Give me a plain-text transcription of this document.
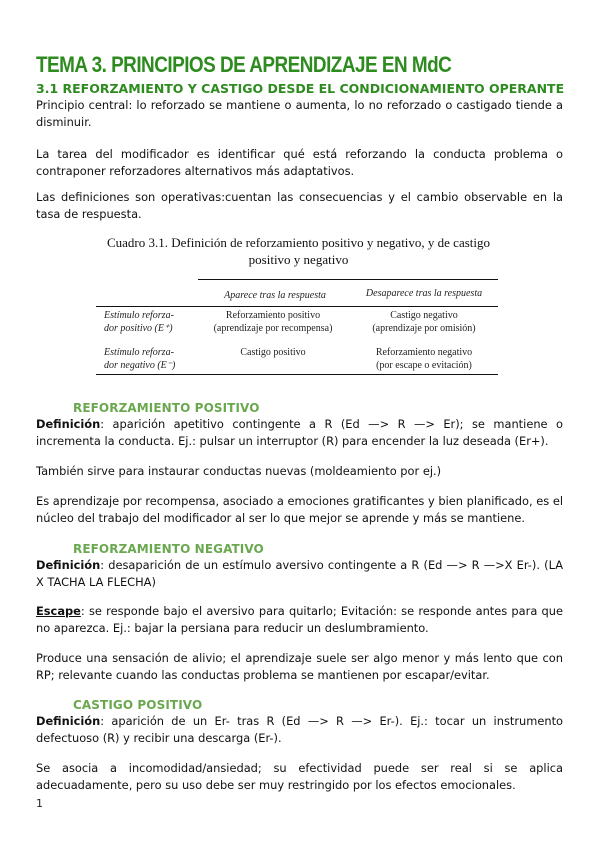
TEMA 3. PRINCIPIOS DE APRENDIZAJE EN MdC
3.1 REFORZAMIENTO Y CASTIGO DESDE EL CONDICIONAMIENTO OPERANTE

Principio central: lo reforzado se mantiene o aumenta, lo no reforzado o castigado tiende a disminuir.

La tarea del modificador es identificar qué está reforzando la conducta problema o contraponer reforzadores alternativos más adaptativos.

Las definiciones son operativas:cuentan las consecuencias y el cambio observable en la tasa de respuesta.

Cuadro 3.1. Definición de reforzamiento positivo y negativo, y de castigo
positivo y negativo
Aparece tras la respuesta	Desaparece tras la respuesta
Estímulo reforza-
dor positivo (E⁺)
Reforzamiento positivo
(aprendizaje por recompensa)
Castigo negativo
(aprendizaje por omisión)
Estímulo reforza-
dor negativo (E⁻)
Castigo positivo	Reforzamiento negativo
(por escape o evitación)
REFORZAMIENTO POSITIVO

Definición: aparición apetitivo contingente a R (Ed —> R —> Er); se mantiene o incrementa la conducta. Ej.: pulsar un interruptor (R) para encender la luz deseada (Er+).

También sirve para instaurar conductas nuevas (moldeamiento por ej.)

Es aprendizaje por recompensa, asociado a emociones gratificantes y bien planificado, es el núcleo del trabajo del modificador al ser lo que mejor se aprende y más se mantiene.

REFORZAMIENTO NEGATIVO

Definición: desaparición de un estímulo aversivo contingente a R (Ed —> R —>X Er-). (LA X TACHA LA FLECHA)

Escape: se responde bajo el aversivo para quitarlo; Evitación: se responde antes para que no aparezca. Ej.: bajar la persiana para reducir un deslumbramiento.

Produce una sensación de alivio; el aprendizaje suele ser algo menor y más lento que con RP; relevante cuando las conductas problema se mantienen por escapar/evitar.

CASTIGO POSITIVO

Definición: aparición de un Er- tras R (Ed —> R —> Er-). Ej.: tocar un instrumento defectuoso (R) y recibir una descarga (Er-).

Se asocia a incomodidad/ansiedad; su efectividad puede ser real si se aplica adecuadamente, pero su uso debe ser muy restringido por los efectos emocionales.

1
